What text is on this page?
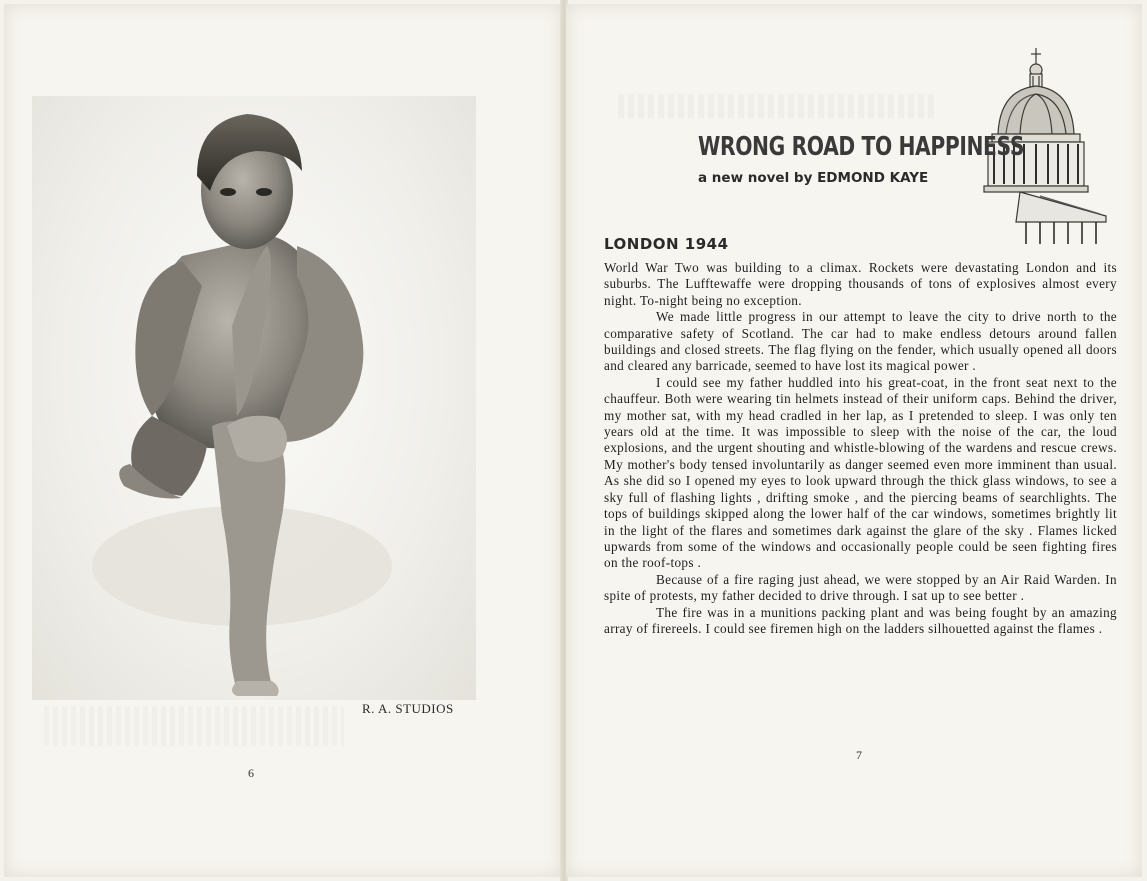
R. A. STUDIOS
6
WRONG ROAD TO HAPPINESS
a new novel by EDMOND KAYE
LONDON 1944

World War Two was building to a climax. Rockets were devastating London and its suburbs. The Lufftewaffe were dropping thousands of tons of explosives almost every night. To-night being no exception.

We made little progress in our attempt to leave the city to drive north to the comparative safety of Scotland. The car had to make endless detours around fallen buildings and closed streets. The flag flying on the fender, which usually opened all doors and cleared any barricade, seemed to have lost its magical power .

I could see my father huddled into his great-coat, in the front seat next to the chauffeur. Both were wearing tin helmets instead of their uniform caps. Behind the driver, my mother sat, with my head cradled in her lap, as I pretended to sleep. I was only ten years old at the time. It was impossible to sleep with the noise of the car, the loud explosions, and the urgent shouting and whistle-blowing of the wardens and rescue crews. My mother's body tensed involuntarily as danger seemed even more imminent than usual. As she did so I opened my eyes to look upward through the thick glass windows, to see a sky full of flashing lights , drifting smoke , and the piercing beams of searchlights. The tops of buildings skipped along the lower half of the car windows, sometimes brightly lit in the light of the flares and sometimes dark against the glare of the sky . Flames licked upwards from some of the windows and occasionally people could be seen fighting fires on the roof-tops .

Because of a fire raging just ahead, we were stopped by an Air Raid Warden. In spite of protests, my father decided to drive through. I sat up to see better .

The fire was in a munitions packing plant and was being fought by an amazing array of firereels. I could see firemen high on the ladders silhouetted against the flames .

7
